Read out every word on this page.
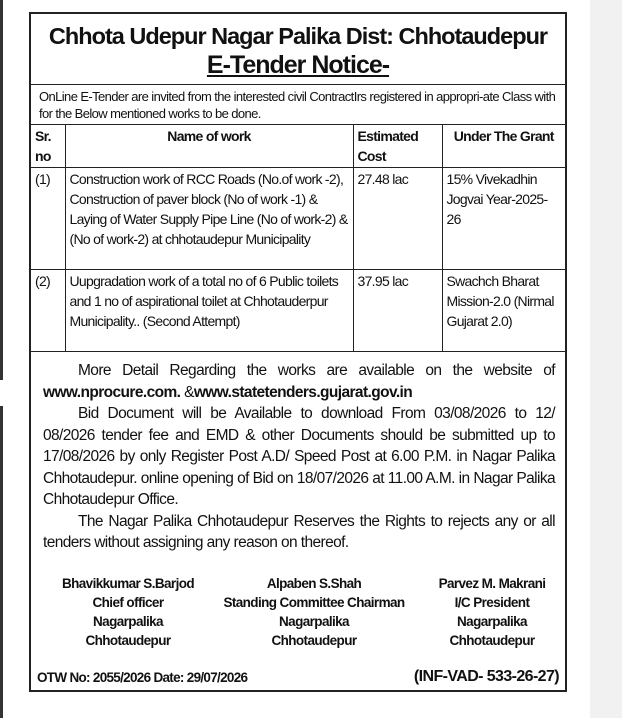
Chhota Udepur Nagar Palika Dist: Chhotaudepur
E-Tender Notice-
OnLine E-Tender are invited from the interested civil ContractIrs registered in appropri-ate Class with for the Below mentioned works to be done.
Sr. no	Name of work	Estimated Cost	Under The Grant
(1)	Construction work of RCC Roads (No.of work -2), Construction of paver block (No of work -1) & Laying of Water Supply Pipe Line (No of work-2) & (No of work-2) at chhotaudepur Municipality	27.48 lac	15% Vivekadhin Jogvai Year-2025-26
(2)	Uupgradation work of a total no of 6 Public toilets and 1 no of aspirational toilet at Chhotauderpur Municipality.. (Second Attempt)	37.95 lac	Swachch Bharat Mission-2.0 (Nirmal Gujarat 2.0)

More Detail Regarding the works are available on the website of www.nprocure.com. &www.statetenders.gujarat.gov.in

Bid Document will be Available to download From 03/08/2026 to 12/ 08/2026 tender fee and EMD & other Documents should be submitted up to 17/08/2026 by only Register Post A.D/ Speed Post at 6.00 P.M. in Nagar Palika Chhotaudepur. online opening of Bid on 18/07/2026 at 11.00 A.M. in Nagar Palika Chhotaudepur Office.

The Nagar Palika Chhotaudepur Reserves the Rights to rejects any or all tenders without assigning any reason on thereof.

Bhavikkumar S.Barjod
Chief officer
Nagarpalika
Chhotaudepur
Alpaben S.Shah
Standing Committee Chairman
Nagarpalika
Chhotaudepur
Parvez M. Makrani
I/C President
Nagarpalika
Chhotaudepur
OTW No: 2055/2026 Date: 29/07/2026	(INF-VAD- 533-26-27)
